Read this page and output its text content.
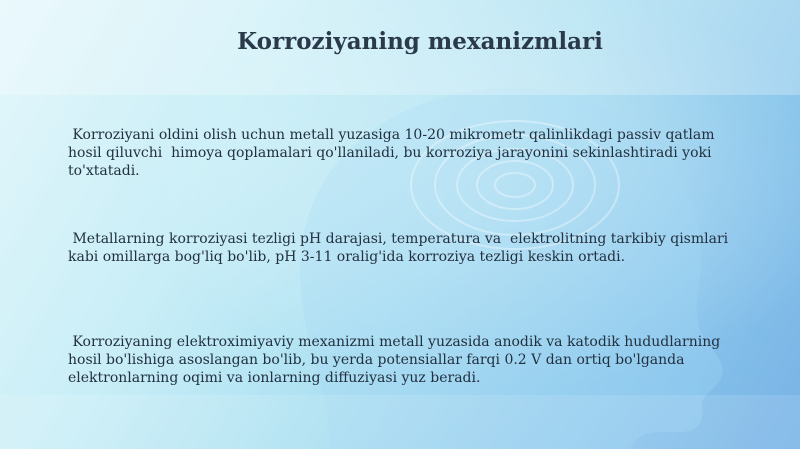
Korroziyaning mexanizmlari
Korroziyani oldini olish uchun metall yuzasiga 10-20 mikrometr qalinlikdagi passiv qatlam hosil qiluvchi  himoya qoplamalari qo'llaniladi, bu korroziya jarayonini sekinlashtiradi yoki to'xtatadi.
Metallarning korroziyasi tezligi pH darajasi, temperatura va  elektrolitning tarkibiy qismlari kabi omillarga bog'liq bo'lib, pH 3-11 oralig'ida korroziya tezligi keskin ortadi.
Korroziyaning elektroximiyaviy mexanizmi metall yuzasida anodik va katodik hududlarning hosil bo'lishiga asoslangan bo'lib, bu yerda potensiallar farqi 0.2 V dan ortiq bo'lganda elektronlarning oqimi va ionlarning diffuziyasi yuz beradi.
